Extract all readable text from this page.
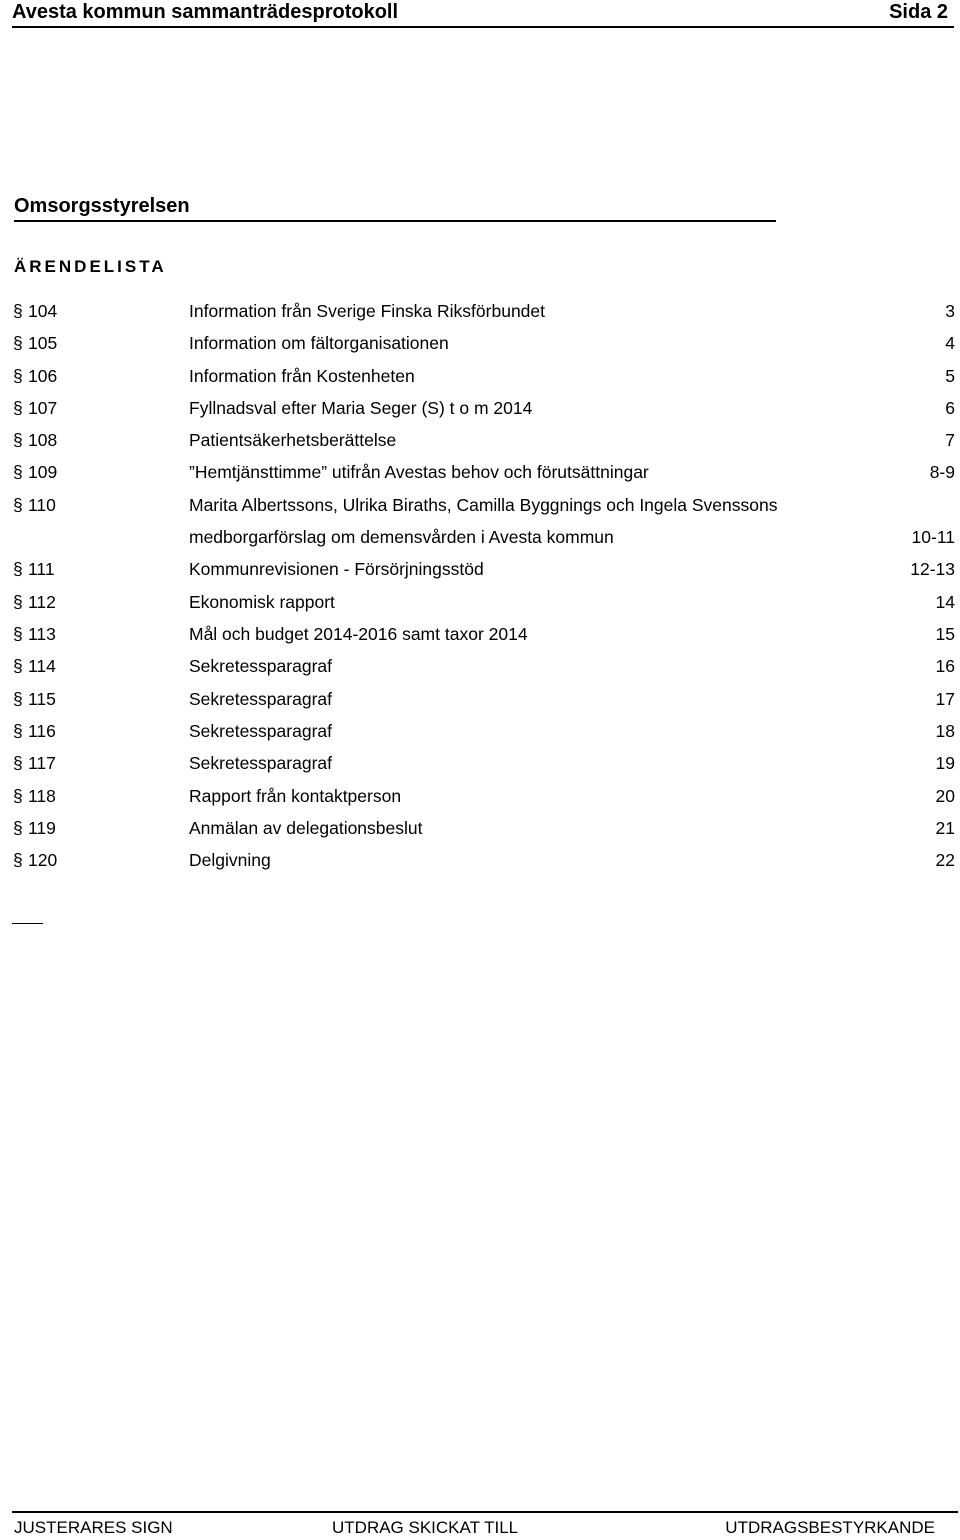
Avesta kommun sammanträdesprotokoll	Sida 2
Omsorgsstyrelsen
ÄRENDELISTA
§ 104	Information från Sverige Finska Riksförbundet	3
§ 105	Information om fältorganisationen	4
§ 106	Information från Kostenheten	5
§ 107	Fyllnadsval efter Maria Seger (S) t o m 2014	6
§ 108	Patientsäkerhetsberättelse	7
§ 109	”Hemtjänsttimme” utifrån Avestas behov och förutsättningar	8-9
§ 110	Marita Albertssons, Ulrika Biraths, Camilla Byggnings och Ingela Svenssons
medborgarförslag om demensvården i Avesta kommun	10-11
§ 111	Kommunrevisionen - Försörjningsstöd	12-13
§ 112	Ekonomisk rapport	14
§ 113	Mål och budget 2014-2016 samt taxor 2014	15
§ 114	Sekretessparagraf	16
§ 115	Sekretessparagraf	17
§ 116	Sekretessparagraf	18
§ 117	Sekretessparagraf	19
§ 118	Rapport från kontaktperson	20
§ 119	Anmälan av delegationsbeslut	21
§ 120	Delgivning	22
JUSTERARES SIGN	UTDRAG SKICKAT TILL	UTDRAGSBESTYRKANDE
